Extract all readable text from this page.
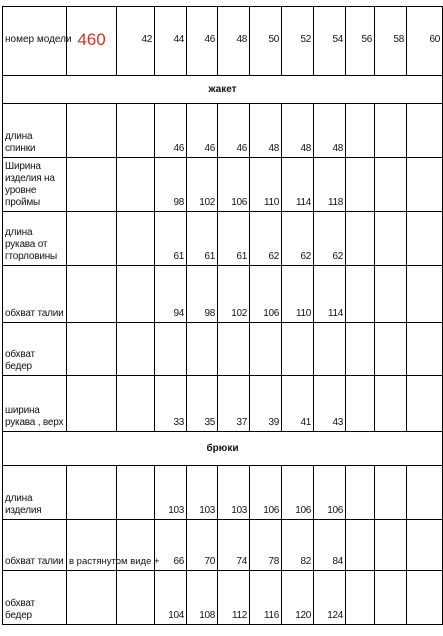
номер модели	460	42	44	46	48	50	52	54	56	58	60
жакет											
длина спинки			46	46	46	48	48	48			
Ширина изделия на уровне проймы			98	102	106	110	114	118			
длина рукава от гторловины			61	61	61	62	62	62			
обхват талии			94	98	102	106	110	114			
обхват бедер											
ширина рукава , верх			33	35	37	39	41	43			
брюки											
длина изделия			103	103	103	106	106	106			
обхват талии	в растянутом виде +		66	70	74	78	82	84			
обхват бедер			104	108	112	116	120	124			
